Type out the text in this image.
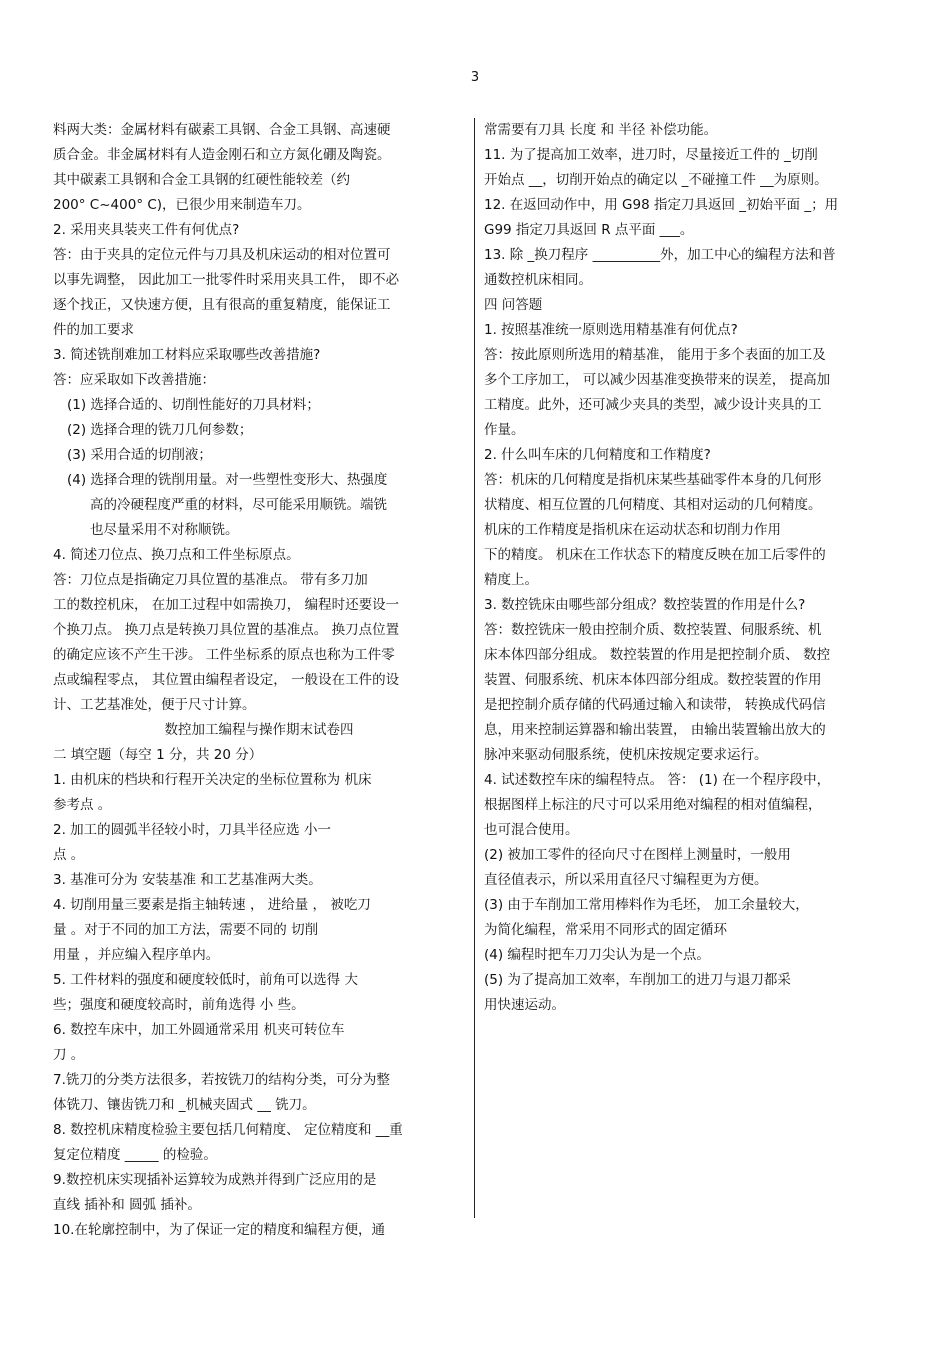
3
料两大类：金属材料有碳素工具钢、合金工具钢、高速硬
质合金。非金属材料有人造金刚石和立方氮化硼及陶瓷。
其中碳素工具钢和合金工具钢的红硬性能较差（约
200° C~400° C)，已很少用来制造车刀。
2. 采用夹具装夹工件有何优点?
答：由于夹具的定位元件与刀具及机床运动的相对位置可
以事先调整， 因此加工一批零件时采用夹具工件， 即不必
逐个找正，又快速方便，且有很高的重复精度，能保证工
件的加工要求
3. 简述铣削难加工材料应采取哪些改善措施?
答：应采取如下改善措施：
(1) 选择合适的、切削性能好的刀具材料；
(2) 选择合理的铣刀几何参数；
(3) 采用合适的切削液；
(4) 选择合理的铣削用量。对一些塑性变形大、热强度
高的冷硬程度严重的材料，尽可能采用顺铣。端铣
也尽量采用不对称顺铣。
4. 简述刀位点、换刀点和工件坐标原点。
答：刀位点是指确定刀具位置的基准点。 带有多刀加
工的数控机床， 在加工过程中如需换刀， 编程时还要设一
个换刀点。 换刀点是转换刀具位置的基准点。 换刀点位置
的确定应该不产生干涉。 工件坐标系的原点也称为工件零
点或编程零点， 其位置由编程者设定， 一般设在工件的设
计、工艺基准处，便于尺寸计算。
数控加工编程与操作期末试卷四
二 填空题（每空 1 分，共 20 分）
1. 由机床的档块和行程开关决定的坐标位置称为 机床
参考点 。
2. 加工的圆弧半径较小时，刀具半径应选 小一
点 。
3. 基准可分为 安装基准 和工艺基准两大类。
4. 切削用量三要素是指主轴转速 ， 进给量 ， 被吃刀
量 。对于不同的加工方法，需要不同的 切削
用量 ，并应编入程序单内。
5. 工件材料的强度和硬度较低时，前角可以选得 大
些；强度和硬度较高时，前角选得 小 些。
6. 数控车床中，加工外圆通常采用 机夹可转位车
刀 。
7.铣刀的分类方法很多，若按铣刀的结构分类，可分为整
体铣刀、镶齿铣刀和 _机械夹固式 __ 铣刀。
8. 数控机床精度检验主要包括几何精度、 定位精度和 __重
复定位精度 _____ 的检验。
9.数控机床实现插补运算较为成熟并得到广泛应用的是
直线 插补和 圆弧 插补。
10.在轮廓控制中，为了保证一定的精度和编程方便，通
常需要有刀具 长度 和 半径 补偿功能。
11. 为了提高加工效率，进刀时，尽量接近工件的 _切削
开始点 __，切削开始点的确定以 _不碰撞工件 __为原则。
12. 在返回动作中，用 G98 指定刀具返回 _初始平面 _；用
G99 指定刀具返回 R 点平面 ___。
13. 除 _换刀程序 __________外，加工中心的编程方法和普
通数控机床相同。
四 问答题
1. 按照基准统一原则选用精基准有何优点?
答：按此原则所选用的精基准， 能用于多个表面的加工及
多个工序加工， 可以减少因基准变换带来的误差， 提高加
工精度。此外，还可减少夹具的类型，减少设计夹具的工
作量。
2. 什么叫车床的几何精度和工作精度?
答：机床的几何精度是指机床某些基础零件本身的几何形
状精度、相互位置的几何精度、其相对运动的几何精度。
机床的工作精度是指机床在运动状态和切削力作用
下的精度。 机床在工作状态下的精度反映在加工后零件的
精度上。
3. 数控铣床由哪些部分组成？数控装置的作用是什么?
答：数控铣床一般由控制介质、数控装置、伺服系统、机
床本体四部分组成。 数控装置的作用是把控制介质、 数控
装置、伺服系统、机床本体四部分组成。数控装置的作用
是把控制介质存储的代码通过输入和读带， 转换成代码信
息，用来控制运算器和输出装置， 由输出装置输出放大的
脉冲来驱动伺服系统，使机床按规定要求运行。
4. 试述数控车床的编程特点。 答： (1) 在一个程序段中，
根据图样上标注的尺寸可以采用绝对编程的相对值编程，
也可混合使用。
(2) 被加工零件的径向尺寸在图样上测量时，一般用
直径值表示，所以采用直径尺寸编程更为方便。
(3) 由于车削加工常用棒料作为毛坯， 加工余量较大，
为简化编程，常采用不同形式的固定循环
(4) 编程时把车刀刀尖认为是一个点。
(5) 为了提高加工效率，车削加工的进刀与退刀都采
用快速运动。
